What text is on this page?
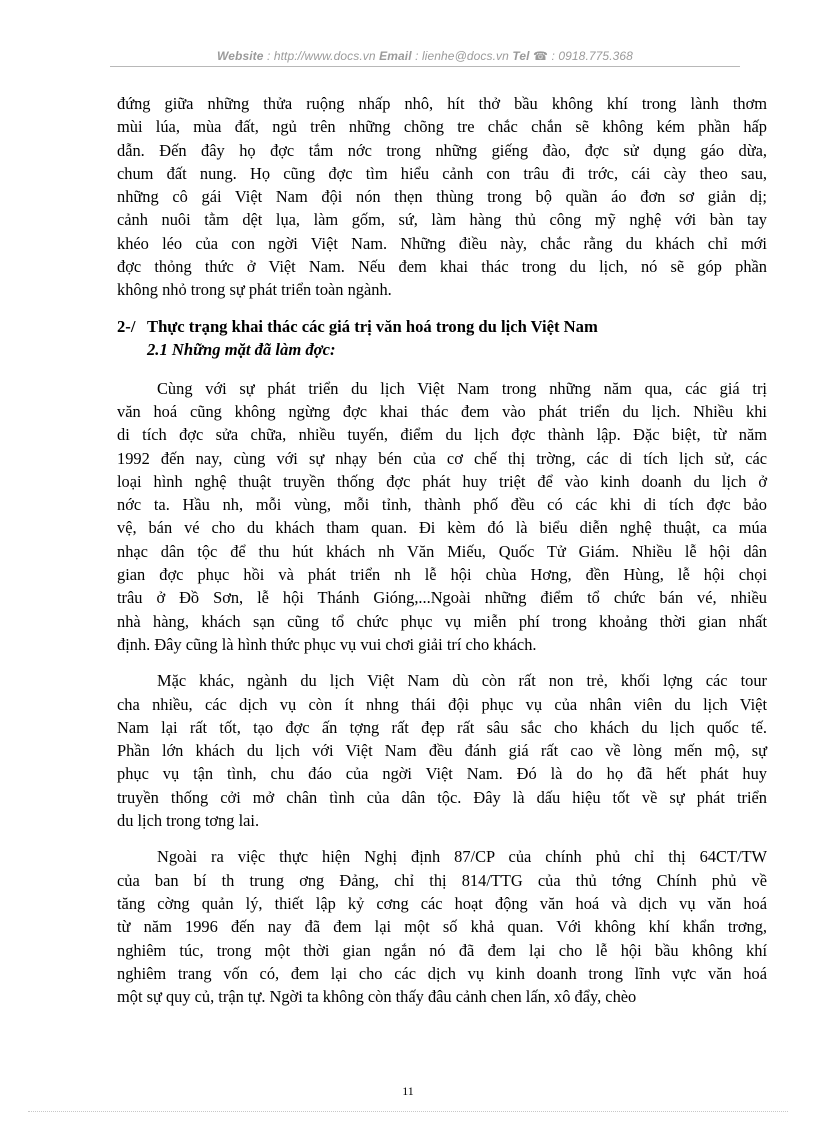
Website : http://www.docs.vn Email : lienhe@docs.vn Tel ☎ : 0918.775.368
đứng giữa những thửa ruộng nhấp nhô, hít thở bầu không khí trong lành thơm
mùi lúa, mùa đất, ngủ trên những chõng tre chắc chắn sẽ không kém phần hấp
dẫn. Đến đây họ đợc tắm nớc trong những giếng đào, đợc sử dụng gáo dừa,
chum đất nung. Họ cũng đợc tìm hiểu cảnh con trâu đi trớc, cái cày theo sau,
những cô gái Việt Nam đội nón thẹn thùng trong bộ quần áo đơn sơ giản dị;
cảnh nuôi tằm dệt lụa, làm gốm, sứ, làm hàng thủ công mỹ nghệ với bàn tay
khéo léo của con ngời Việt Nam. Những điều này, chắc rằng du khách chỉ mới
đợc thỏng thức ở Việt Nam. Nếu đem khai thác trong du lịch, nó sẽ góp phần
không nhỏ trong sự phát triển toàn ngành.
2-/ Thực trạng khai thác các giá trị văn hoá trong du lịch Việt Nam
2.1 Những mặt đã làm đợc:
Cùng với sự phát triển du lịch Việt Nam trong những năm qua, các giá trị
văn hoá cũng không ngừng đợc khai thác đem vào phát triển du lịch. Nhiều khi
di tích đợc sửa chữa, nhiều tuyến, điểm du lịch đợc thành lập. Đặc biệt, từ năm
1992 đến nay, cùng với sự nhạy bén của cơ chế thị trờng, các di tích lịch sử, các
loại hình nghệ thuật truyền thống đợc phát huy triệt để vào kinh doanh du lịch ở
nớc ta. Hầu nh, mỗi vùng, mỗi tỉnh, thành phố đều có các khi di tích đợc bảo
vệ, bán vé cho du khách tham quan. Đi kèm đó là biểu diễn nghệ thuật, ca múa
nhạc dân tộc để thu hút khách nh Văn Miếu, Quốc Tử Giám. Nhiều lễ hội dân
gian đợc phục hồi và phát triển nh lễ hội chùa Hơng, đền Hùng, lễ hội chọi
trâu ở Đồ Sơn, lễ hội Thánh Gióng,...Ngoài những điểm tổ chức bán vé, nhiều
nhà hàng, khách sạn cũng tổ chức phục vụ miễn phí trong khoảng thời gian nhất
định. Đây cũng là hình thức phục vụ vui chơi giải trí cho khách.
Mặc khác, ngành du lịch Việt Nam dù còn rất non trẻ, khối lợng các tour
cha nhiều, các dịch vụ còn ít nhng thái đội phục vụ của nhân viên du lịch Việt
Nam lại rất tốt, tạo đợc ấn tợng rất đẹp rất sâu sắc cho khách du lịch quốc tế.
Phần lớn khách du lịch với Việt Nam đều đánh giá rất cao về lòng mến mộ, sự
phục vụ tận tình, chu đáo của ngời Việt Nam. Đó là do họ đã hết phát huy
truyền thống cởi mở chân tình của dân tộc. Đây là dấu hiệu tốt về sự phát triển
du lịch trong tơng lai.
Ngoài ra việc thực hiện Nghị định 87/CP của chính phủ chỉ thị 64CT/TW
của ban bí th trung ơng Đảng, chỉ thị 814/TTG của thủ tớng Chính phủ về
tăng cờng quản lý, thiết lập kỷ cơng các hoạt động văn hoá và dịch vụ văn hoá
từ năm 1996 đến nay đã đem lại một số khả quan. Với không khí khẩn trơng,
nghiêm túc, trong một thời gian ngắn nó đã đem lại cho lễ hội bầu không khí
nghiêm trang vốn có, đem lại cho các dịch vụ kinh doanh trong lĩnh vực văn hoá
một sự quy củ, trận tự. Ngời ta không còn thấy đâu cảnh chen lấn, xô đẩy, chèo
11
